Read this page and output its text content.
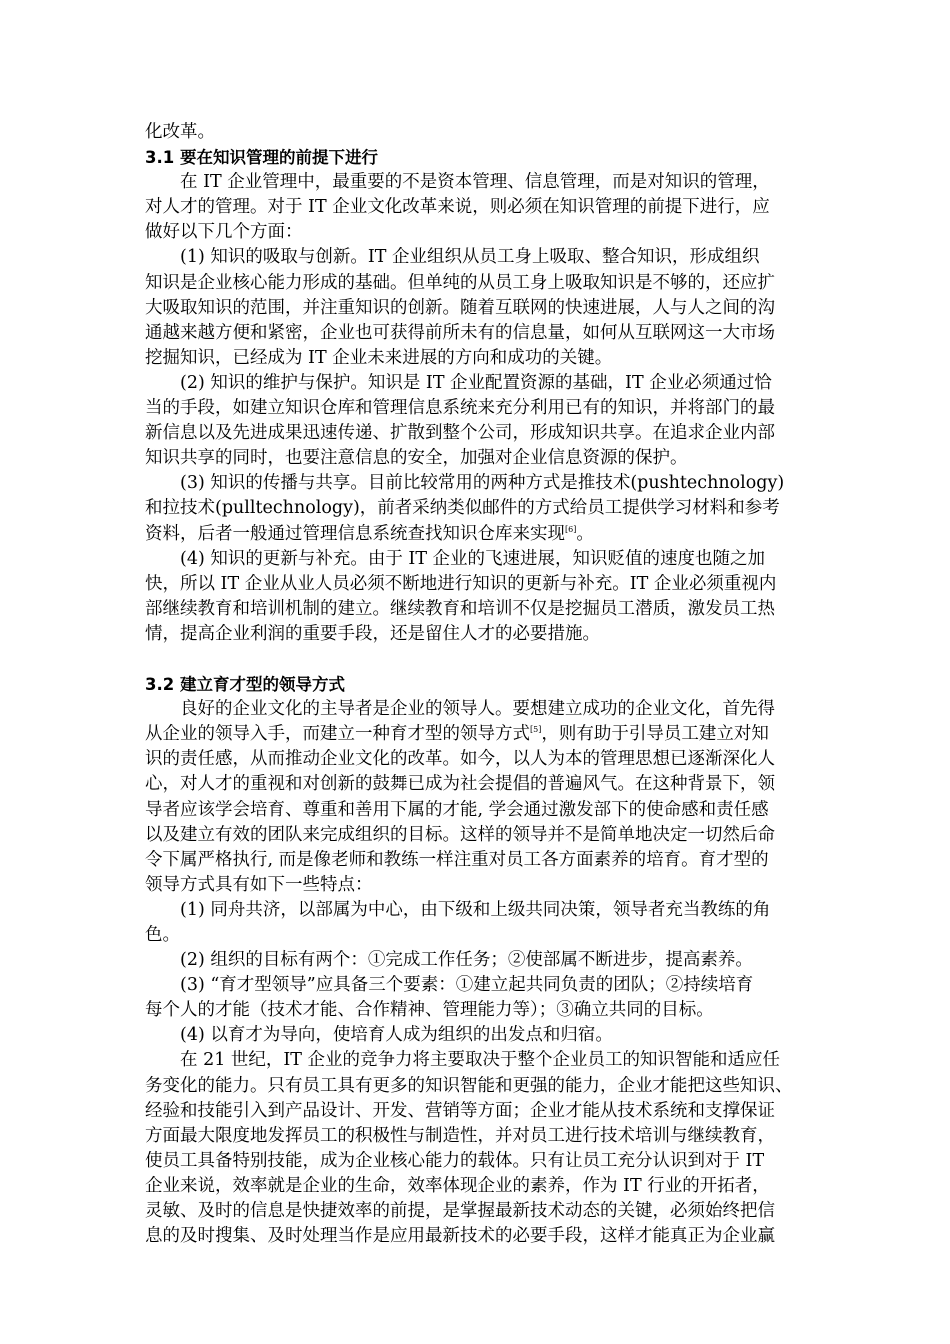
化改革。
3.1 要在知识管理的前提下进行
在 IT 企业管理中，最重要的不是资本管理、信息管理，而是对知识的管理，
对人才的管理。对于 IT 企业文化改革来说，则必须在知识管理的前提下进行，应
做好以下几个方面：
(1) 知识的吸取与创新。IT 企业组织从员工身上吸取、整合知识，形成组织
知识是企业核心能力形成的基础。但单纯的从员工身上吸取知识是不够的，还应扩
大吸取知识的范围，并注重知识的创新。随着互联网的快速进展，人与人之间的沟
通越来越方便和紧密，企业也可获得前所未有的信息量，如何从互联网这一大市场
挖掘知识，已经成为 IT 企业未来进展的方向和成功的关键。
(2) 知识的维护与保护。知识是 IT 企业配置资源的基础，IT 企业必须通过恰
当的手段，如建立知识仓库和管理信息系统来充分利用已有的知识，并将部门的最
新信息以及先进成果迅速传递、扩散到整个公司，形成知识共享。在追求企业内部
知识共享的同时，也要注意信息的安全，加强对企业信息资源的保护。
(3) 知识的传播与共享。目前比较常用的两种方式是推技术(pushtechnology)
和拉技术(pulltechnology)，前者采纳类似邮件的方式给员工提供学习材料和参考
资料，后者一般通过管理信息系统查找知识仓库来实现[6]。
(4) 知识的更新与补充。由于 IT 企业的飞速进展，知识贬值的速度也随之加
快，所以 IT 企业从业人员必须不断地进行知识的更新与补充。IT 企业必须重视内
部继续教育和培训机制的建立。继续教育和培训不仅是挖掘员工潜质，激发员工热
情，提高企业利润的重要手段，还是留住人才的必要措施。
3.2 建立育才型的领导方式
良好的企业文化的主导者是企业的领导人。要想建立成功的企业文化，首先得
从企业的领导入手，而建立一种育才型的领导方式[5]，则有助于引导员工建立对知
识的责任感，从而推动企业文化的改革。如今，以人为本的管理思想已逐渐深化人
心，对人才的重视和对创新的鼓舞已成为社会提倡的普遍风气。在这种背景下，领
导者应该学会培育、尊重和善用下属的才能, 学会通过激发部下的使命感和责任感
以及建立有效的团队来完成组织的目标。这样的领导并不是简单地决定一切然后命
令下属严格执行, 而是像老师和教练一样注重对员工各方面素养的培育。育才型的
领导方式具有如下一些特点：
(1) 同舟共济，以部属为中心，由下级和上级共同决策，领导者充当教练的角
色。
(2) 组织的目标有两个：①完成工作任务；②使部属不断进步，提高素养。
(3) “育才型领导”应具备三个要素：①建立起共同负责的团队；②持续培育
每个人的才能（技术才能、合作精神、管理能力等）；③确立共同的目标。
(4) 以育才为导向，使培育人成为组织的出发点和归宿。
在 21 世纪，IT 企业的竞争力将主要取决于整个企业员工的知识智能和适应任
务变化的能力。只有员工具有更多的知识智能和更强的能力，企业才能把这些知识、
经验和技能引入到产品设计、开发、营销等方面；企业才能从技术系统和支撑保证
方面最大限度地发挥员工的积极性与制造性，并对员工进行技术培训与继续教育，
使员工具备特别技能，成为企业核心能力的载体。只有让员工充分认识到对于 IT
企业来说，效率就是企业的生命，效率体现企业的素养，作为 IT 行业的开拓者，
灵敏、及时的信息是快捷效率的前提，是掌握最新技术动态的关键，必须始终把信
息的及时搜集、及时处理当作是应用最新技术的必要手段，这样才能真正为企业赢
